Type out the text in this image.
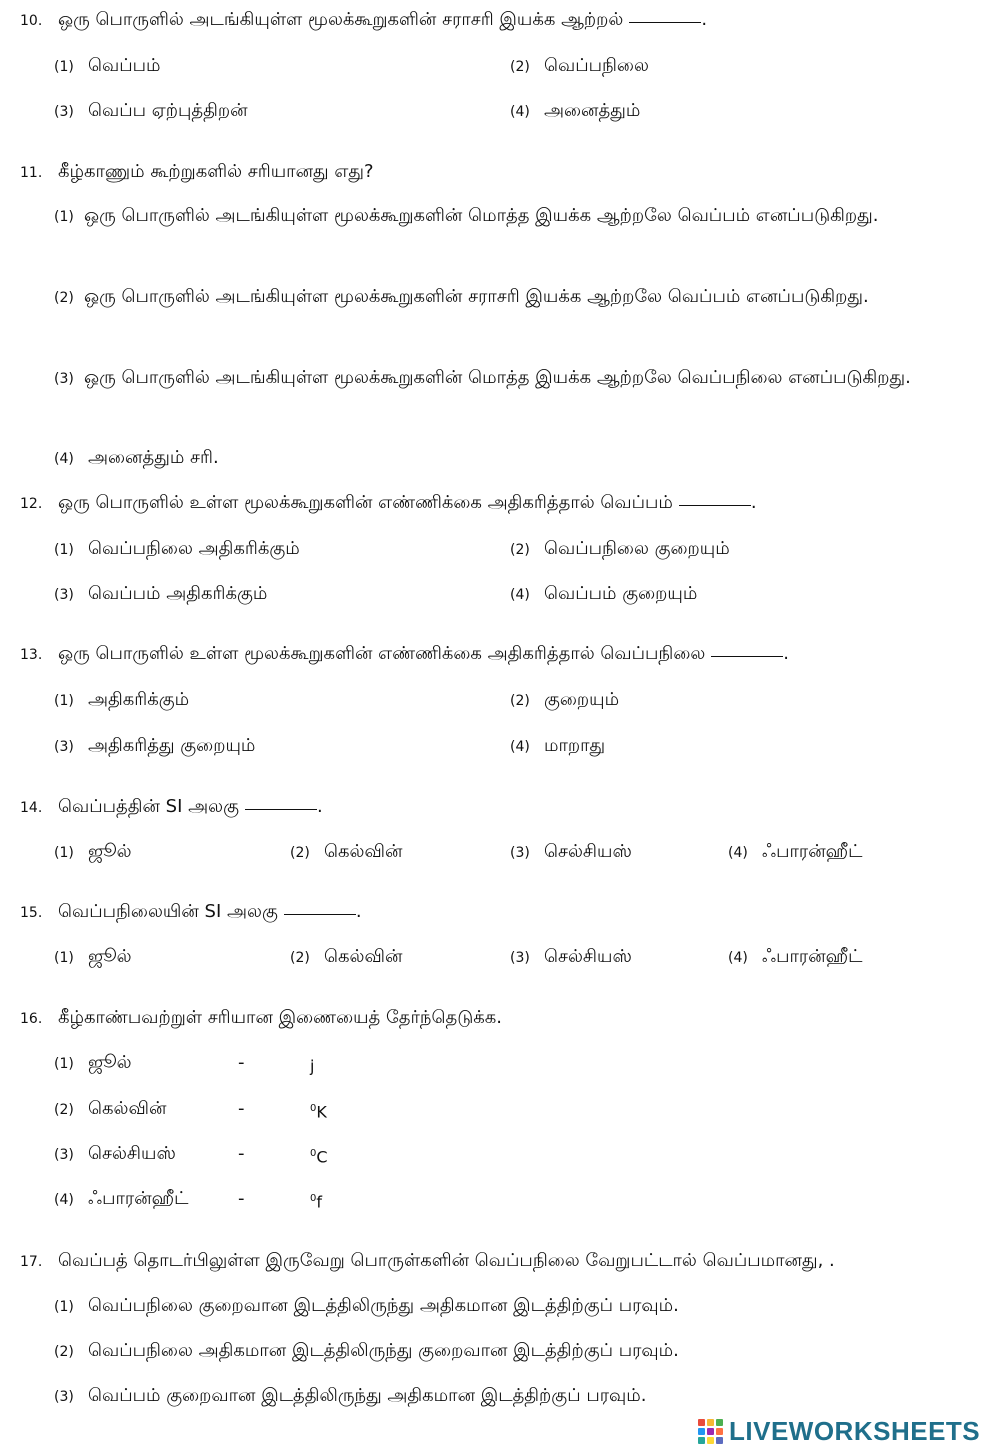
10. ஒரு பொருளில் அடங்கியுள்ள மூலக்கூறுகளின் சராசரி இயக்க ஆற்றல்	.
(1) வெப்பம்	(2) வெப்பநிலை
(3) வெப்ப ஏற்புத்திறன்	(4) அனைத்தும்
11. கீழ்காணும் கூற்றுகளில் சரியானது எது?
(1) ஒரு பொருளில் அடங்கியுள்ள மூலக்கூறுகளின் மொத்த இயக்க ஆற்றலே வெப்பம் எனப்படுகிறது.
(2) ஒரு பொருளில் அடங்கியுள்ள மூலக்கூறுகளின் சராசரி இயக்க ஆற்றலே வெப்பம் எனப்படுகிறது.
(3) ஒரு பொருளில் அடங்கியுள்ள மூலக்கூறுகளின் மொத்த இயக்க ஆற்றலே வெப்பநிலை எனப்படுகிறது.
(4) அனைத்தும் சரி.
12. ஒரு பொருளில் உள்ள மூலக்கூறுகளின் எண்ணிக்கை அதிகரித்தால் வெப்பம்	.
(1) வெப்பநிலை அதிகரிக்கும்	(2) வெப்பநிலை குறையும்
(3) வெப்பம் அதிகரிக்கும்	(4) வெப்பம் குறையும்
13. ஒரு பொருளில் உள்ள மூலக்கூறுகளின் எண்ணிக்கை அதிகரித்தால் வெப்பநிலை	.
(1) அதிகரிக்கும்	(2) குறையும்
(3) அதிகரித்து குறையும்	(4) மாறாது
14. வெப்பத்தின் SI அலகு	.
(1) ஜூல்	(2) கெல்வின்	(3) செல்சியஸ்	(4) ஃபாரன்ஹீட்
15. வெப்பநிலையின் SI அலகு	.
(1) ஜூல்	(2) கெல்வின்	(3) செல்சியஸ்	(4) ஃபாரன்ஹீட்
16. கீழ்காண்பவற்றுள் சரியான இணையைத் தேர்ந்தெடுக்க.
(1) ஜூல்	-	j
(2) கெல்வின்	-	$^0$K
(3) செல்சியஸ்	-	$^0$C
(4) ஃபாரன்ஹீட்	-	$^0$f
17. வெப்பத் தொடர்பிலுள்ள இருவேறு பொருள்களின் வெப்பநிலை வேறுபட்டால் வெப்பமானது, .
(1) வெப்பநிலை குறைவான இடத்திலிருந்து அதிகமான இடத்திற்குப் பரவும்.
(2) வெப்பநிலை அதிகமான இடத்திலிருந்து குறைவான இடத்திற்குப் பரவும்.
(3) வெப்பம் குறைவான இடத்திலிருந்து அதிகமான இடத்திற்குப் பரவும்.
LIVEWORKSHEETS
